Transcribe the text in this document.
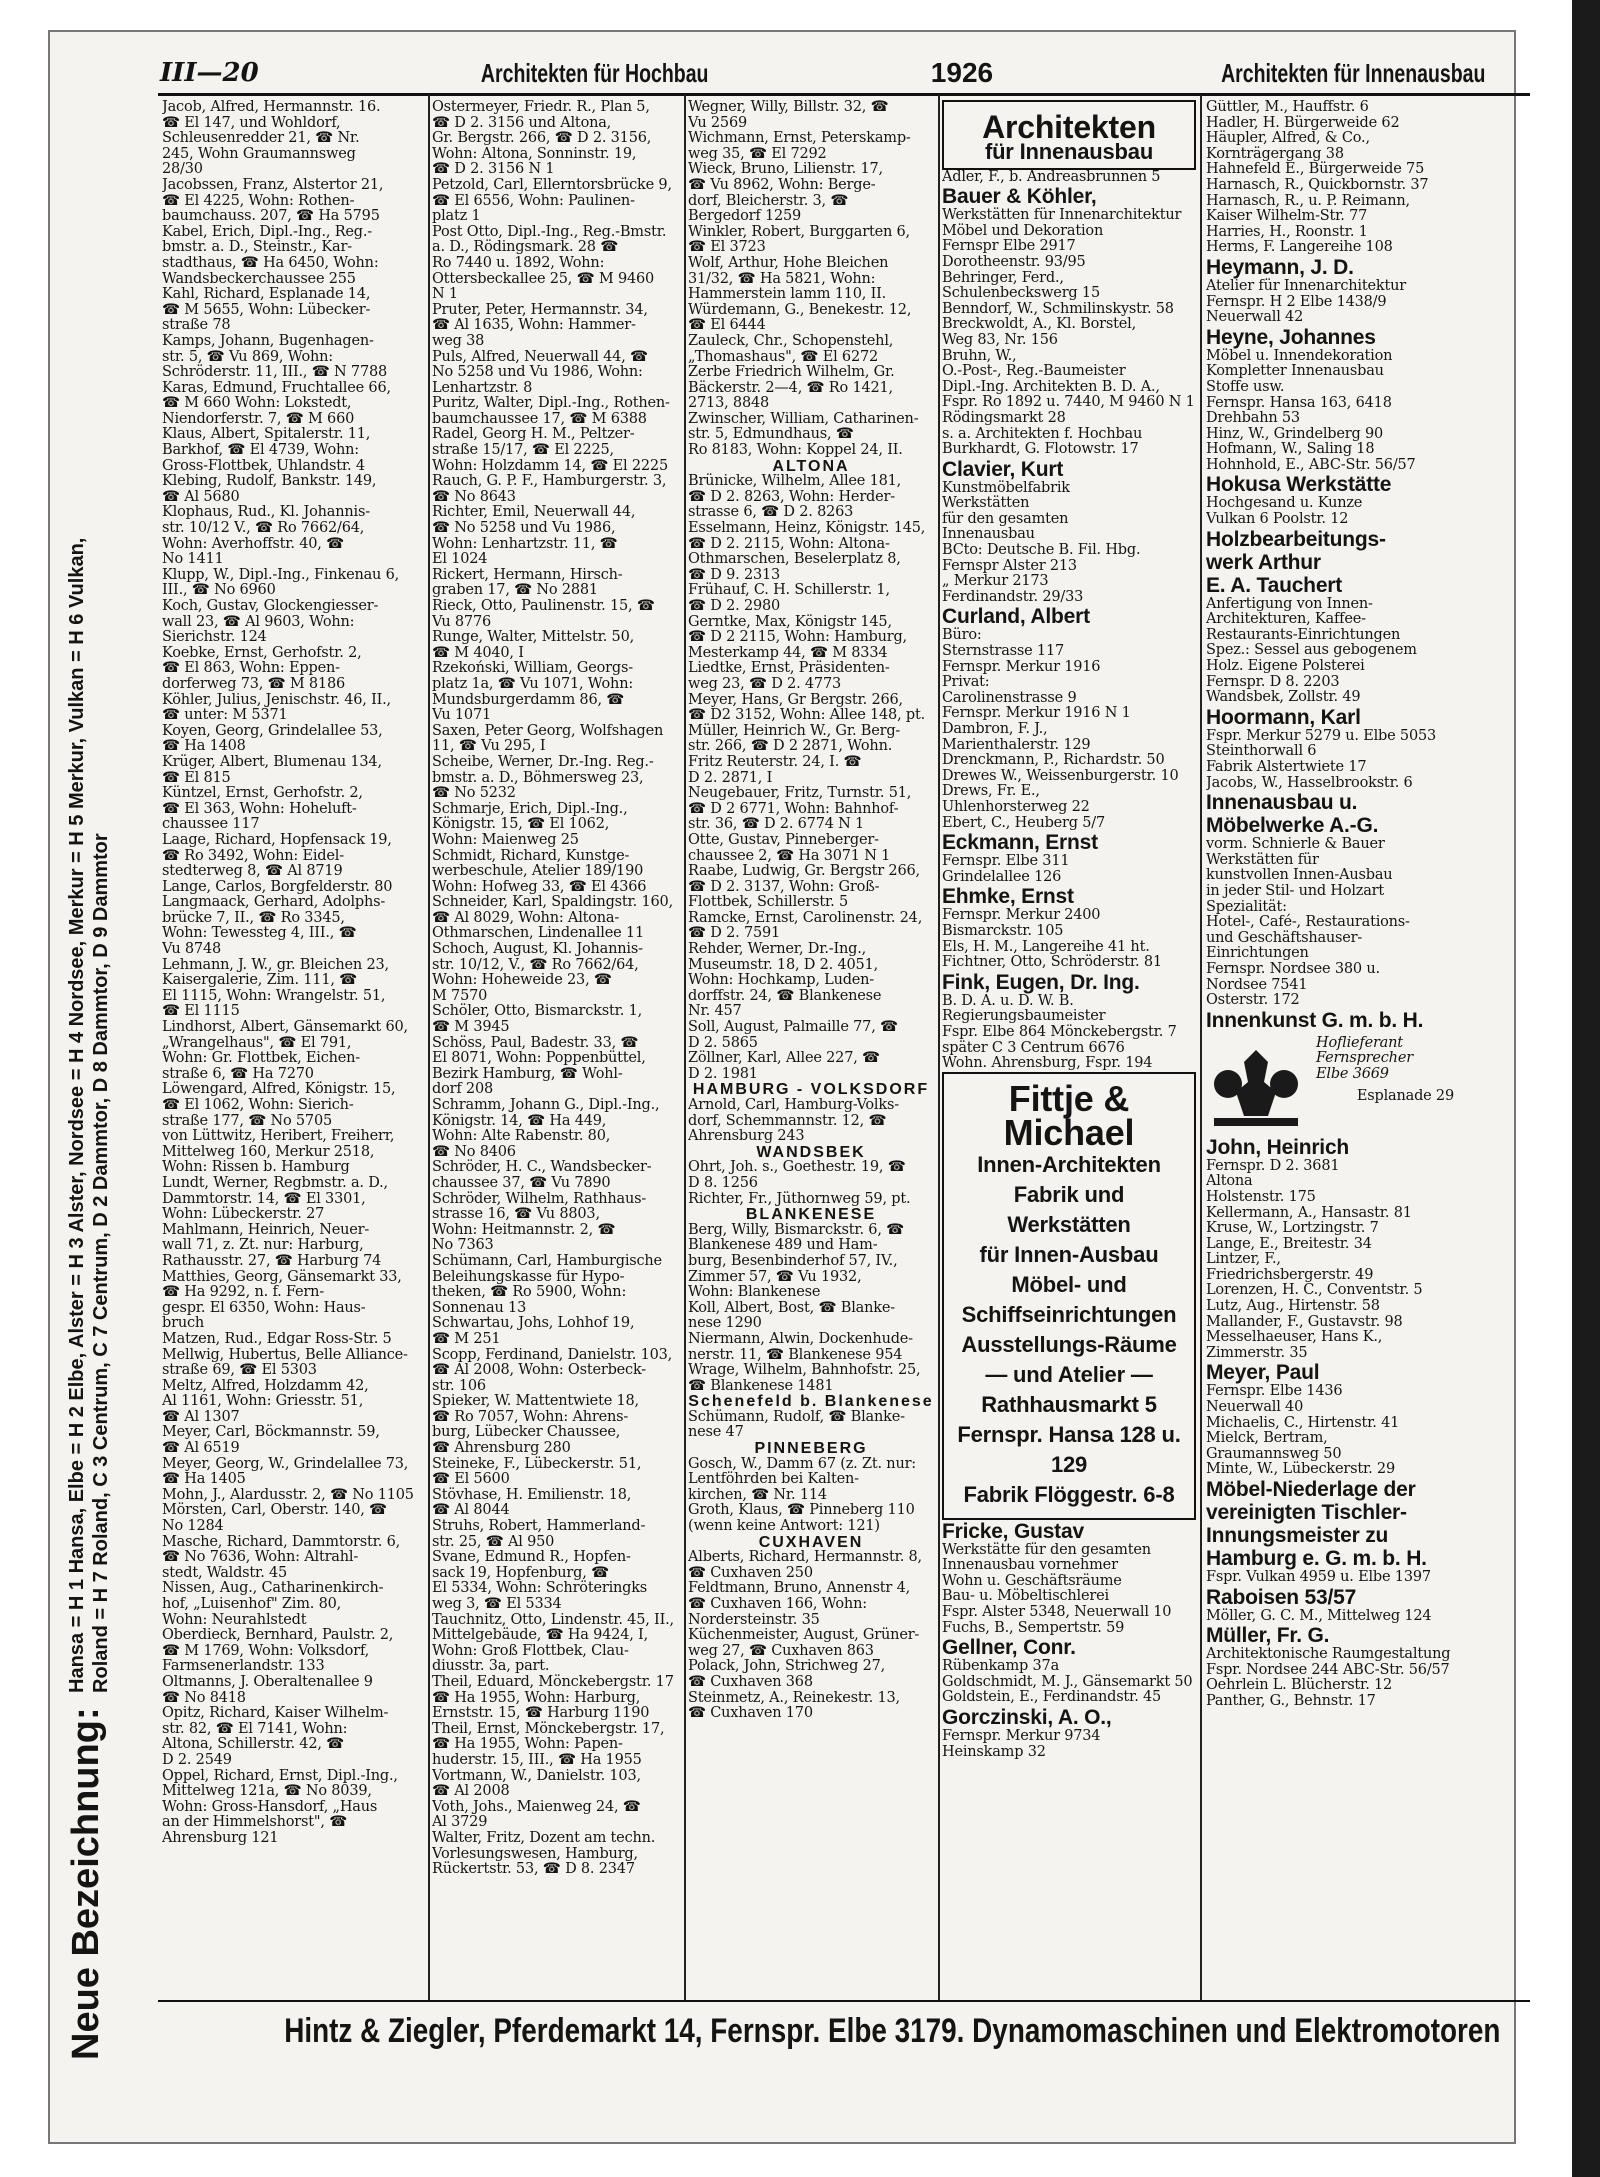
Neue Bezeichnung:
Hansa = H 1 Hansa, Elbe = H 2 Elbe, Alster = H 3 Alster, Nordsee = H 4 Nordsee, Merkur = H 5 Merkur, Vulkan = H 6 Vulkan, Roland = H 7 Roland, C 3 Centrum, C 7 Centrum, D 2 Dammtor, D 8 Dammtor, D 9 Dammtor
III—20	Architekten für Hochbau	1926	Architekten für Innenausbau
Jacob, Alfred, Hermannstr. 16.
☎ El 147, und Wohldorf,
Schleusenredder 21, ☎ Nr.
245, Wohn Graumannsweg
28/30
Jacobssen, Franz, Alstertor 21,
☎ El 4225, Wohn: Rothen-
baumchauss. 207, ☎ Ha 5795
Kabel, Erich, Dipl.-Ing., Reg.-
bmstr. a. D., Steinstr., Kar-
stadthaus, ☎ Ha 6450, Wohn:
Wandsbeckerchaussee 255
Kahl, Richard, Esplanade 14,
☎ M 5655, Wohn: Lübecker-
straße 78
Kamps, Johann, Bugenhagen-
str. 5, ☎ Vu 869, Wohn:
Schröderstr. 11, III., ☎ N 7788
Karas, Edmund, Fruchtallee 66,
☎ M 660 Wohn: Lokstedt,
Niendorferstr. 7, ☎ M 660
Klaus, Albert, Spitalerstr. 11,
Barkhof, ☎ El 4739, Wohn:
Gross-Flottbek, Uhlandstr. 4
Klebing, Rudolf, Bankstr. 149,
☎ Al 5680
Klophaus, Rud., Kl. Johannis-
str. 10/12 V., ☎ Ro 7662/64,
Wohn: Averhoffstr. 40, ☎
No 1411
Klupp, W., Dipl.-Ing., Finkenau 6,
III., ☎ No 6960
Koch, Gustav, Glockengiesser-
wall 23, ☎ Al 9603, Wohn:
Sierichstr. 124
Koebke, Ernst, Gerhofstr. 2,
☎ El 863, Wohn: Eppen-
dorferweg 73, ☎ M 8186
Köhler, Julius, Jenischstr. 46, II.,
☎ unter: M 5371
Koyen, Georg, Grindelallee 53,
☎ Ha 1408
Krüger, Albert, Blumenau 134,
☎ El 815
Küntzel, Ernst, Gerhofstr. 2,
☎ El 363, Wohn: Hoheluft-
chaussee 117
Laage, Richard, Hopfensack 19,
☎ Ro 3492, Wohn: Eidel-
stedterweg 8, ☎ Al 8719
Lange, Carlos, Borgfelderstr. 80
Langmaack, Gerhard, Adolphs-
brücke 7, II., ☎ Ro 3345,
Wohn: Tewessteg 4, III., ☎
Vu 8748
Lehmann, J. W., gr. Bleichen 23,
Kaisergalerie, Zim. 111, ☎
El 1115, Wohn: Wrangelstr. 51,
☎ El 1115
Lindhorst, Albert, Gänsemarkt 60,
„Wrangelhaus", ☎ El 791,
Wohn: Gr. Flottbek, Eichen-
straße 6, ☎ Ha 7270
Löwengard, Alfred, Königstr. 15,
☎ El 1062, Wohn: Sierich-
straße 177, ☎ No 5705
von Lüttwitz, Heribert, Freiherr,
Mittelweg 160, Merkur 2518,
Wohn: Rissen b. Hamburg
Lundt, Werner, Regbmstr. a. D.,
Dammtorstr. 14, ☎ El 3301,
Wohn: Lübeckerstr. 27
Mahlmann, Heinrich, Neuer-
wall 71, z. Zt. nur: Harburg,
Rathausstr. 27, ☎ Harburg 74
Matthies, Georg, Gänsemarkt 33,
☎ Ha 9292, n. f. Fern-
gespr. El 6350, Wohn: Haus-
bruch
Matzen, Rud., Edgar Ross-Str. 5
Mellwig, Hubertus, Belle Alliance-
straße 69, ☎ El 5303
Meltz, Alfred, Holzdamm 42,
Al 1161, Wohn: Griesstr. 51,
☎ Al 1307
Meyer, Carl, Böckmannstr. 59,
☎ Al 6519
Meyer, Georg, W., Grindelallee 73,
☎ Ha 1405
Mohn, J., Alardusstr. 2, ☎ No 1105
Mörsten, Carl, Oberstr. 140, ☎
No 1284
Masche, Richard, Dammtorstr. 6,
☎ No 7636, Wohn: Altrahl-
stedt, Waldstr. 45
Nissen, Aug., Catharinenkirch-
hof, „Luisenhof" Zim. 80,
Wohn: Neurahlstedt
Oberdieck, Bernhard, Paulstr. 2,
☎ M 1769, Wohn: Volksdorf,
Farmsenerlandstr. 133
Oltmanns, J. Oberaltenallee 9
☎ No 8418
Opitz, Richard, Kaiser Wilhelm-
str. 82, ☎ El 7141, Wohn:
Altona, Schillerstr. 42, ☎
D 2. 2549
Oppel, Richard, Ernst, Dipl.-Ing.,
Mittelweg 121a, ☎ No 8039,
Wohn: Gross-Hansdorf, „Haus
an der Himmelshorst", ☎
Ahrensburg 121
Ostermeyer, Friedr. R., Plan 5,
☎ D 2. 3156 und Altona,
Gr. Bergstr. 266, ☎ D 2. 3156,
Wohn: Altona, Sonninstr. 19,
☎ D 2. 3156 N 1
Petzold, Carl, Ellerntorsbrücke 9,
☎ El 6556, Wohn: Paulinen-
platz 1
Post Otto, Dipl.-Ing., Reg.-Bmstr.
a. D., Rödingsmark. 28 ☎
Ro 7440 u. 1892, Wohn:
Ottersbeckallee 25, ☎ M 9460
N 1
Pruter, Peter, Hermannstr. 34,
☎ Al 1635, Wohn: Hammer-
weg 38
Puls, Alfred, Neuerwall 44, ☎
No 5258 und Vu 1986, Wohn:
Lenhartzstr. 8
Puritz, Walter, Dipl.-Ing., Rothen-
baumchaussee 17, ☎ M 6388
Radel, Georg H. M., Peltzer-
straße 15/17, ☎ El 2225,
Wohn: Holzdamm 14, ☎ El 2225
Rauch, G. P. F., Hamburgerstr. 3,
☎ No 8643
Richter, Emil, Neuerwall 44,
☎ No 5258 und Vu 1986,
Wohn: Lenhartzstr. 11, ☎
El 1024
Rickert, Hermann, Hirsch-
graben 17, ☎ No 2881
Rieck, Otto, Paulinenstr. 15, ☎
Vu 8776
Runge, Walter, Mittelstr. 50,
☎ M 4040, I
Rzekoński, William, Georgs-
platz 1a, ☎ Vu 1071, Wohn:
Mundsburgerdamm 86, ☎
Vu 1071
Saxen, Peter Georg, Wolfshagen
11, ☎ Vu 295, I
Scheibe, Werner, Dr.-Ing. Reg.-
bmstr. a. D., Böhmersweg 23,
☎ No 5232
Schmarje, Erich, Dipl.-Ing.,
Königstr. 15, ☎ El 1062,
Wohn: Maienweg 25
Schmidt, Richard, Kunstge-
werbeschule, Atelier 189/190
Wohn: Hofweg 33, ☎ El 4366
Schneider, Karl, Spaldingstr. 160,
☎ Al 8029, Wohn: Altona-
Othmarschen, Lindenallee 11
Schoch, August, Kl. Johannis-
str. 10/12, V., ☎ Ro 7662/64,
Wohn: Hoheweide 23, ☎
M 7570
Schöler, Otto, Bismarckstr. 1,
☎ M 3945
Schöss, Paul, Badestr. 33, ☎
El 8071, Wohn: Poppenbüttel,
Bezirk Hamburg, ☎ Wohl-
dorf 208
Schramm, Johann G., Dipl.-Ing.,
Königstr. 14, ☎ Ha 449,
Wohn: Alte Rabenstr. 80,
☎ No 8406
Schröder, H. C., Wandsbecker-
chaussee 37, ☎ Vu 7890
Schröder, Wilhelm, Rathhaus-
strasse 16, ☎ Vu 8803,
Wohn: Heitmannstr. 2, ☎
No 7363
Schümann, Carl, Hamburgische
Beleihungskasse für Hypo-
theken, ☎ Ro 5900, Wohn:
Sonnenau 13
Schwartau, Johs, Lohhof 19,
☎ M 251
Scopp, Ferdinand, Danielstr. 103,
☎ Al 2008, Wohn: Osterbeck-
str. 106
Spieker, W. Mattentwiete 18,
☎ Ro 7057, Wohn: Ahrens-
burg, Lübecker Chaussee,
☎ Ahrensburg 280
Steineke, F., Lübeckerstr. 51,
☎ El 5600
Stövhase, H. Emilienstr. 18,
☎ Al 8044
Struhs, Robert, Hammerland-
str. 25, ☎ Al 950
Svane, Edmund R., Hopfen-
sack 19, Hopfenburg, ☎
El 5334, Wohn: Schröteringks
weg 3, ☎ El 5334
Tauchnitz, Otto, Lindenstr. 45, II.,
Mittelgebäude, ☎ Ha 9424, I,
Wohn: Groß Flottbek, Clau-
diusstr. 3a, part.
Theil, Eduard, Mönckebergstr. 17
☎ Ha 1955, Wohn: Harburg,
Ernststr. 15, ☎ Harburg 1190
Theil, Ernst, Mönckebergstr. 17,
☎ Ha 1955, Wohn: Papen-
huderstr. 15, III., ☎ Ha 1955
Vortmann, W., Danielstr. 103,
☎ Al 2008
Voth, Johs., Maienweg 24, ☎
Al 3729
Walter, Fritz, Dozent am techn.
Vorlesungswesen, Hamburg,
Rückertstr. 53, ☎ D 8. 2347
Wegner, Willy, Billstr. 32, ☎
Vu 2569
Wichmann, Ernst, Peterskamp-
weg 35, ☎ El 7292
Wieck, Bruno, Lilienstr. 17,
☎ Vu 8962, Wohn: Berge-
dorf, Bleicherstr. 3, ☎
Bergedorf 1259
Winkler, Robert, Burggarten 6,
☎ El 3723
Wolf, Arthur, Hohe Bleichen
31/32, ☎ Ha 5821, Wohn:
Hammerstein lamm 110, II.
Würdemann, G., Benekestr. 12,
☎ El 6444
Zauleck, Chr., Schopenstehl,
„Thomashaus", ☎ El 6272
Zerbe Friedrich Wilhelm, Gr.
Bäckerstr. 2—4, ☎ Ro 1421,
2713, 8848
Zwinscher, William, Catharinen-
str. 5, Edmundhaus, ☎
Ro 8183, Wohn: Koppel 24, II.
ALTONA
Brünicke, Wilhelm, Allee 181,
☎ D 2. 8263, Wohn: Herder-
strasse 6, ☎ D 2. 8263
Esselmann, Heinz, Königstr. 145,
☎ D 2. 2115, Wohn: Altona-
Othmarschen, Beselerplatz 8,
☎ D 9. 2313
Frühauf, C. H. Schillerstr. 1,
☎ D 2. 2980
Gerntke, Max, Königstr 145,
☎ D 2 2115, Wohn: Hamburg,
Mesterkamp 44, ☎ M 8334
Liedtke, Ernst, Präsidenten-
weg 23, ☎ D 2. 4773
Meyer, Hans, Gr Bergstr. 266,
☎ D2 3152, Wohn: Allee 148, pt.
Müller, Heinrich W., Gr. Berg-
str. 266, ☎ D 2 2871, Wohn.
Fritz Reuterstr. 24, I. ☎
D 2. 2871, I
Neugebauer, Fritz, Turnstr. 51,
☎ D 2 6771, Wohn: Bahnhof-
str. 36, ☎ D 2. 6774 N 1
Otte, Gustav, Pinneberger-
chaussee 2, ☎ Ha 3071 N 1
Raabe, Ludwig, Gr. Bergstr 266,
☎ D 2. 3137, Wohn: Groß-
Flottbek, Schillerstr. 5
Ramcke, Ernst, Carolinenstr. 24,
☎ D 2. 7591
Rehder, Werner, Dr.-Ing.,
Museumstr. 18, D 2. 4051,
Wohn: Hochkamp, Luden-
dorffstr. 24, ☎ Blankenese
Nr. 457
Soll, August, Palmaille 77, ☎
D 2. 5865
Zöllner, Karl, Allee 227, ☎
D 2. 1981
HAMBURG - VOLKSDORF
Arnold, Carl, Hamburg-Volks-
dorf, Schemmannstr. 12, ☎
Ahrensburg 243
WANDSBEK
Ohrt, Joh. s., Goethestr. 19, ☎
D 8. 1256
Richter, Fr., Jüthornweg 59, pt.
BLANKENESE
Berg, Willy, Bismarckstr. 6, ☎
Blankenese 489 und Ham-
burg, Besenbinderhof 57, IV.,
Zimmer 57, ☎ Vu 1932,
Wohn: Blankenese
Koll, Albert, Bost, ☎ Blanke-
nese 1290
Niermann, Alwin, Dockenhude-
nerstr. 11, ☎ Blankenese 954
Wrage, Wilhelm, Bahnhofstr. 25,
☎ Blankenese 1481
Schenefeld b. Blankenese
Schümann, Rudolf, ☎ Blanke-
nese 47
PINNEBERG
Gosch, W., Damm 67 (z. Zt. nur:
Lentföhrden bei Kalten-
kirchen, ☎ Nr. 114
Groth, Klaus, ☎ Pinneberg 110
(wenn keine Antwort: 121)
CUXHAVEN
Alberts, Richard, Hermannstr. 8,
☎ Cuxhaven 250
Feldtmann, Bruno, Annenstr 4,
☎ Cuxhaven 166, Wohn:
Nordersteinstr. 35
Küchenmeister, August, Grüner-
weg 27, ☎ Cuxhaven 863
Polack, John, Strichweg 27,
☎ Cuxhaven 368
Steinmetz, A., Reinekestr. 13,
☎ Cuxhaven 170
Architekten
für Innenausbau
Adler, F., b. Andreasbrunnen 5
Bauer & Köhler,
Werkstätten für Innenarchitektur
Möbel und Dekoration
Fernspr Elbe 2917
Dorotheenstr. 93/95
Behringer, Ferd.,
Schulenbeckswerg 15
Benndorf, W., Schmilinskystr. 58
Breckwoldt, A., Kl. Borstel,
Weg 83, Nr. 156
Bruhn, W.,
O.-Post-, Reg.-Baumeister
Dipl.-Ing. Architekten B. D. A.,
Fspr. Ro 1892 u. 7440, M 9460 N 1
Rödingsmarkt 28
s. a. Architekten f. Hochbau
Burkhardt, G. Flotowstr. 17
Clavier, Kurt
Kunstmöbelfabrik
Werkstätten
für den gesamten
Innenausbau
BCto: Deutsche B. Fil. Hbg.
Fernspr Alster 213
„ Merkur 2173
Ferdinandstr. 29/33
Curland, Albert
Büro:
Sternstrasse 117
Fernspr. Merkur 1916
Privat:
Carolinenstrasse 9
Fernspr. Merkur 1916 N 1
Dambron, F. J.,
Marienthalerstr. 129
Drenckmann, P., Richardstr. 50
Drewes W., Weissenburgerstr. 10
Drews, Fr. E.,
Uhlenhorsterweg 22
Ebert, C., Heuberg 5/7
Eckmann, Ernst
Fernspr. Elbe 311
Grindelallee 126
Ehmke, Ernst
Fernspr. Merkur 2400
Bismarckstr. 105
Els, H. M., Langereihe 41 ht.
Fichtner, Otto, Schröderstr. 81
Fink, Eugen, Dr. Ing.
B. D. A. u. D. W. B.
Regierungsbaumeister
Fspr. Elbe 864 Mönckebergstr. 7
später C 3 Centrum 6676
Wohn. Ahrensburg, Fspr. 194
Fittje & Michael
Innen-Architekten
Fabrik und Werkstätten
für Innen-Ausbau
Möbel- und
Schiffseinrichtungen
Ausstellungs-Räume
— und Atelier —
Rathhausmarkt 5
Fernspr. Hansa 128 u. 129
Fabrik Flöggestr. 6-8
Fricke, Gustav
Werkstätte für den gesamten
Innenausbau vornehmer
Wohn u. Geschäftsräume
Bau- u. Möbeltischlerei
Fspr. Alster 5348, Neuerwall 10
Fuchs, B., Sempertstr. 59
Gellner, Conr.
Rübenkamp 37a
Goldschmidt, M. J., Gänsemarkt 50
Goldstein, E., Ferdinandstr. 45
Gorczinski, A. O.,
Fernspr. Merkur 9734
Heinskamp 32
Güttler, M., Hauffstr. 6
Hadler, H. Bürgerweide 62
Häupler, Alfred, & Co.,
Kornträgergang 38
Hahnefeld E., Bürgerweide 75
Harnasch, R., Quickbornstr. 37
Harnasch, R., u. P. Reimann,
Kaiser Wilhelm-Str. 77
Harries, H., Roonstr. 1
Herms, F. Langereihe 108
Heymann, J. D.
Atelier für Innenarchitektur
Fernspr. H 2 Elbe 1438/9
Neuerwall 42
Heyne, Johannes
Möbel u. Innendekoration
Kompletter Innenausbau
Stoffe usw.
Fernspr. Hansa 163, 6418
Drehbahn 53
Hinz, W., Grindelberg 90
Hofmann, W., Saling 18
Hohnhold, E., ABC-Str. 56/57
Hokusa Werkstätte
Hochgesand u. Kunze
Vulkan 6 Poolstr. 12
Holzbearbeitungs-
werk Arthur
E. A. Tauchert
Anfertigung von Innen-
Architekturen, Kaffee-
Restaurants-Einrichtungen
Spez.: Sessel aus gebogenem
Holz. Eigene Polsterei
Fernspr. D 8. 2203
Wandsbek, Zollstr. 49
Hoormann, Karl
Fspr. Merkur 5279 u. Elbe 5053
Steinthorwall 6
Fabrik Alstertwiete 17
Jacobs, W., Hasselbrookstr. 6
Innenausbau u.
Möbelwerke A.-G.
vorm. Schnierle & Bauer
Werkstätten für
kunstvollen Innen-Ausbau
in jeder Stil- und Holzart
Spezialität:
Hotel-, Café-, Restaurations-
und Geschäftshauser-
Einrichtungen
Fernspr. Nordsee 380 u.
Nordsee 7541
Osterstr. 172
Innenkunst G. m. b. H.
Hoflieferant
Fernsprecher
Elbe 3669
Esplanade 29
John, Heinrich
Fernspr. D 2. 3681
Altona
Holstenstr. 175
Kellermann, A., Hansastr. 81
Kruse, W., Lortzingstr. 7
Lange, E., Breitestr. 34
Lintzer, F.,
Friedrichsbergerstr. 49
Lorenzen, H. C., Conventstr. 5
Lutz, Aug., Hirtenstr. 58
Mallander, F., Gustavstr. 98
Messelhaeuser, Hans K.,
Zimmerstr. 35
Meyer, Paul
Fernspr. Elbe 1436
Neuerwall 40
Michaelis, C., Hirtenstr. 41
Mielck, Bertram,
Graumannsweg 50
Minte, W., Lübeckerstr. 29
Möbel-Niederlage der
vereinigten Tischler-
Innungsmeister zu
Hamburg e. G. m. b. H.
Fspr. Vulkan 4959 u. Elbe 1397
Raboisen 53/57
Möller, G. C. M., Mittelweg 124
Müller, Fr. G.
Architektonische Raumgestaltung
Fspr. Nordsee 244 ABC-Str. 56/57
Oehrlein L. Blücherstr. 12
Panther, G., Behnstr. 17
Hintz & Ziegler, Pferdemarkt 14, Fernspr. Elbe 3179. Dynamomaschinen und Elektromotoren
